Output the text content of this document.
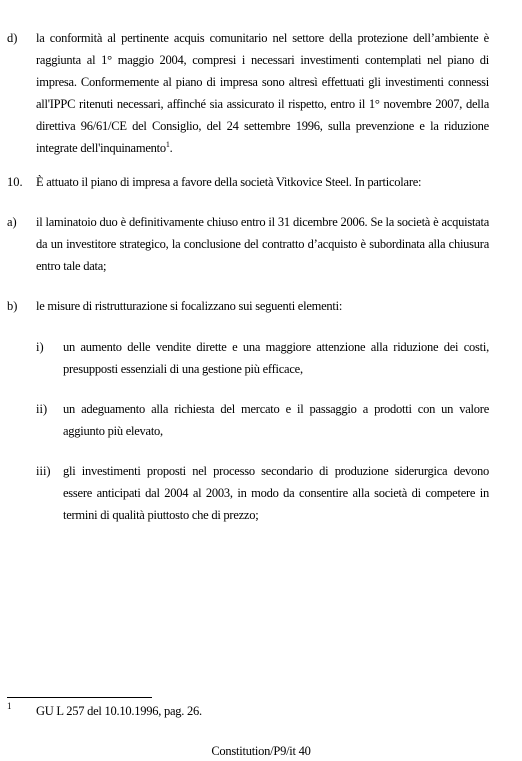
d) la conformità al pertinente acquis comunitario nel settore della protezione dell’ambiente è raggiunta al 1° maggio 2004, compresi i necessari investimenti contemplati nel piano di impresa. Conformemente al piano di impresa sono altresì effettuati gli investimenti connessi all'IPPC ritenuti necessari, affinché sia assicurato il rispetto, entro il 1° novembre 2007, della direttiva 96/61/CE del Consiglio, del 24 settembre 1996, sulla prevenzione e la riduzione integrate dell'inquinamento$^1$.
10. È attuato il piano di impresa a favore della società Vitkovice Steel. In particolare:
a) il laminatoio duo è definitivamente chiuso entro il 31 dicembre 2006. Se la società è acquistata da un investitore strategico, la conclusione del contratto d’acquisto è subordinata alla chiusura entro tale data;
b) le misure di ristrutturazione si focalizzano sui seguenti elementi:
i) un aumento delle vendite dirette e una maggiore attenzione alla riduzione dei costi, presupposti essenziali di una gestione più efficace,
ii) un adeguamento alla richiesta del mercato e il passaggio a prodotti con un valore aggiunto più elevato,
iii) gli investimenti proposti nel processo secondario di produzione siderurgica devono essere anticipati dal 2004 al 2003, in modo da consentire alla società di competere in termini di qualità piuttosto che di prezzo;
1 GU L 257 del 10.10.1996, pag. 26.
Constitution/P9/it 40
